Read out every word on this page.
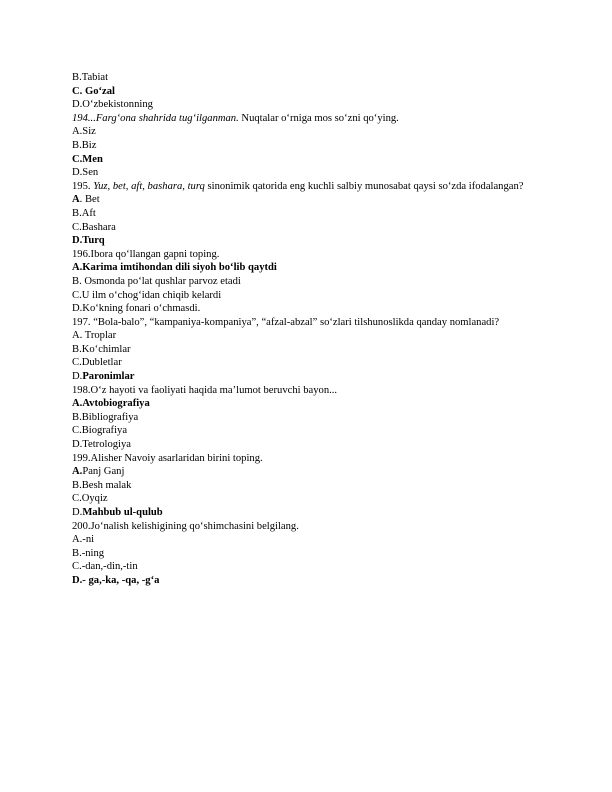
B.Tabiat
C. Go‘zal
D.O‘zbekistonning
194...Farg‘ona shahrida tug‘ilganman. Nuqtalar o‘rniga mos so‘zni qo‘ying.
A.Siz
B.Biz
C.Men
D.Sen
195. Yuz, bet, aft, bashara, turq sinonimik qatorida eng kuchli salbiy munosabat qaysi so‘zda ifodalangan?
A. Bet
B.Aft
C.Bashara
D.Turq
196.Ibora qo‘llangan gapni toping.
A.Karima imtihondan dili siyoh bo‘lib qaytdi
B. Osmonda po‘lat qushlar parvoz etadi
C.U ilm o‘chog‘idan chiqib kelardi
D.Ko‘kning fonari o‘chmasdi.
197. “Bola-balo”, “kampaniya-kompaniya”, “afzal-abzal” so‘zlari tilshunoslikda qanday nomlanadi?
A. Troplar
B.Ko‘chimlar
C.Dubletlar
D.Paronimlar
198.O‘z hayoti va faoliyati haqida ma’lumot beruvchi bayon...
A.Avtobiografiya
B.Bibliografiya
C.Biografiya
D.Tetrologiya
199.Alisher Navoiy asarlaridan birini toping.
A.Panj Ganj
B.Besh malak
C.Oyqiz
D.Mahbub ul-qulub
200.Jo‘nalish kelishigining qo‘shimchasini belgilang.
A.-ni
B.-ning
C.-dan,-din,-tin
D.- ga,-ka, -qa, -g‘a
